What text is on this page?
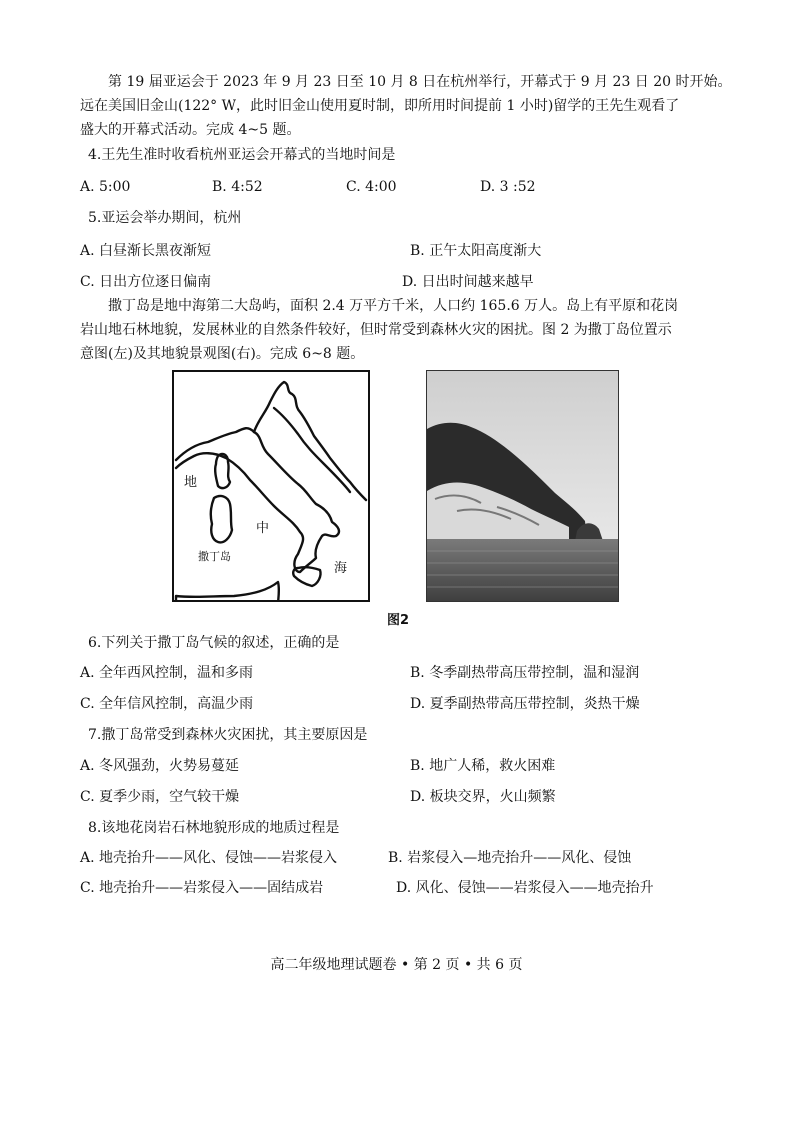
第 19 届亚运会于 2023 年 9 月 23 日至 10 月 8 日在杭州举行，开幕式于 9 月 23 日 20 时开始。
远在美国旧金山(122° W，此时旧金山使用夏时制，即所用时间提前 1 小时)留学的王先生观看了
盛大的开幕式活动。完成 4~5 题。
4.王先生准时收看杭州亚运会开幕式的当地时间是
A. 5:00	B. 4:52	C. 4:00	D. 3 :52
5.亚运会举办期间，杭州
A. 白昼渐长黑夜渐短	B. 正午太阳高度渐大
C. 日出方位逐日偏南	D. 日出时间越来越早
撒丁岛是地中海第二大岛屿，面积 2.4 万平方千米，人口约 165.6 万人。岛上有平原和花岗
岩山地石林地貌，发展林业的自然条件较好，但时常受到森林火灾的困扰。图 2 为撒丁岛位置示
意图(左)及其地貌景观图(右)。完成 6~8 题。
地
中
海
撒丁岛
图2
6.下列关于撒丁岛气候的叙述，正确的是
A. 全年西风控制，温和多雨	B. 冬季副热带高压带控制，温和湿润
C. 全年信风控制，高温少雨	D. 夏季副热带高压带控制，炎热干燥
7.撒丁岛常受到森林火灾困扰，其主要原因是
A. 冬风强劲，火势易蔓延	B. 地广人稀，救火困难
C. 夏季少雨，空气较干燥	D. 板块交界，火山频繁
8.该地花岗岩石林地貌形成的地质过程是
A. 地壳抬升——风化、侵蚀——岩浆侵入	B. 岩浆侵入—地壳抬升——风化、侵蚀
C. 地壳抬升——岩浆侵入——固结成岩	D. 风化、侵蚀——岩浆侵入——地壳抬升
高二年级地理试题卷 • 第 2 页 • 共 6 页
